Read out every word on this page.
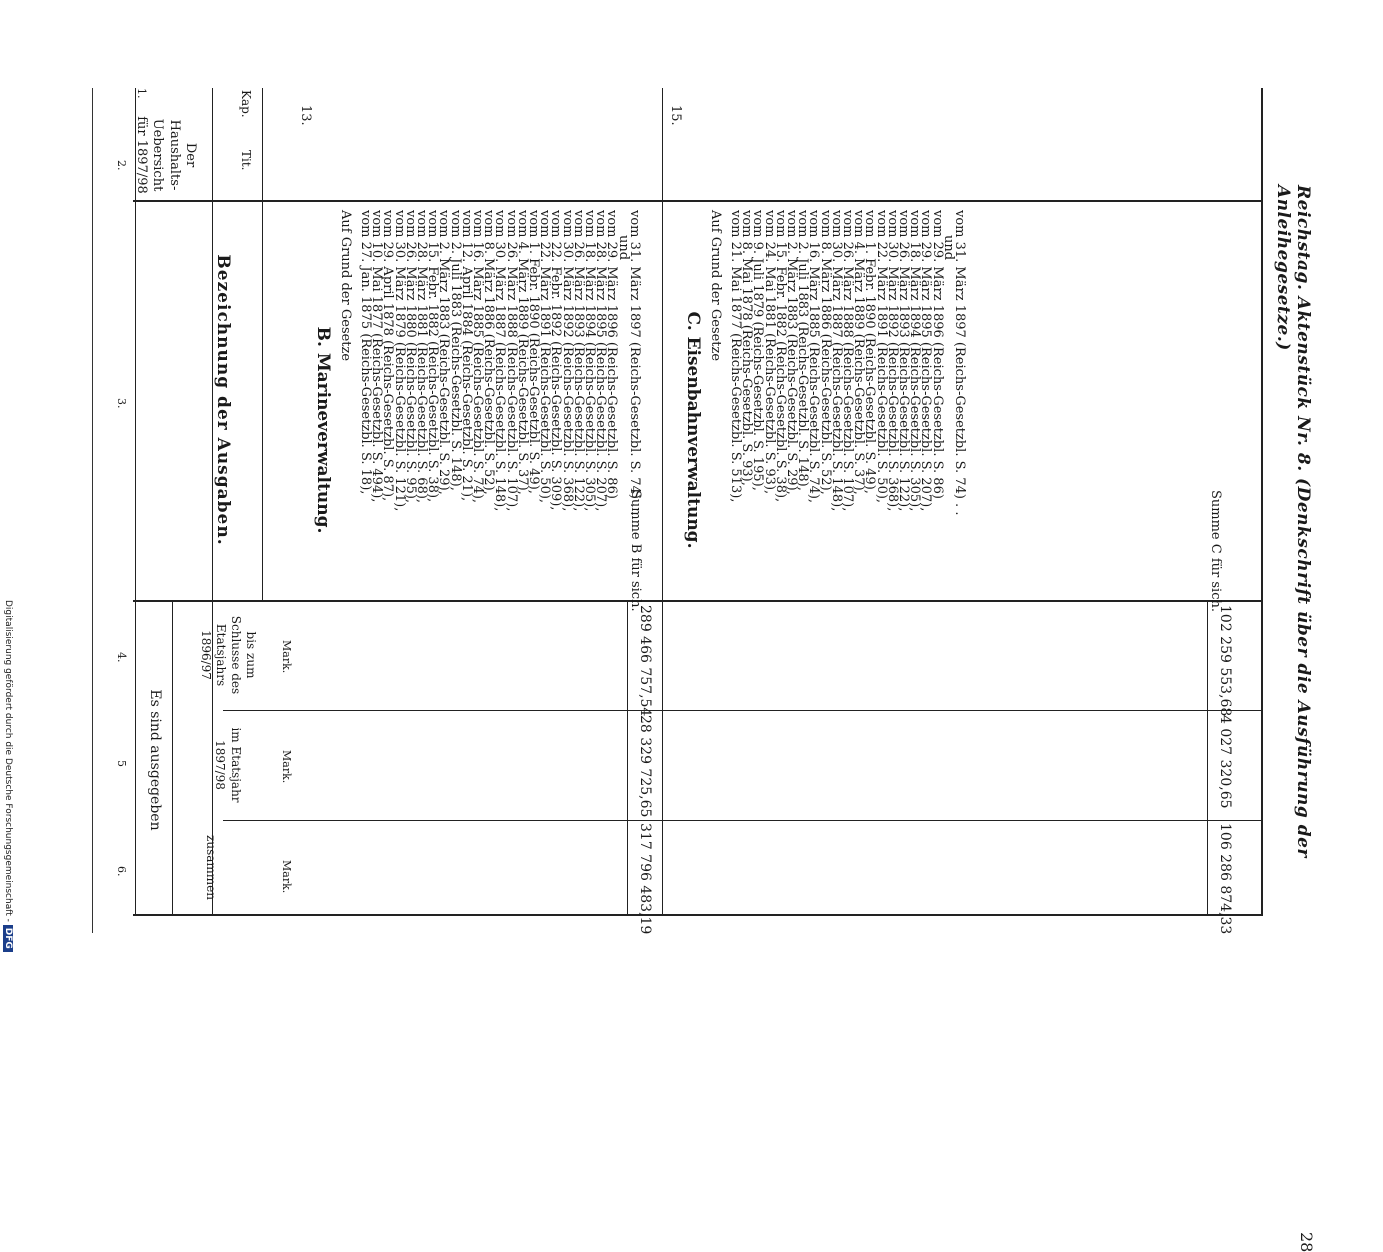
28
Reichstag. Aktenstück Nr. 8. (Denkschrift über die Ausführung der Anleihegesetze.)
1.
2.
3.
4.
5
6.
Der Haushalts-Uebersicht für 1897/98
Kap.
Tit.
Bezeichnung der Ausgaben.
Es sind ausgegeben
bis zum Schlusse des Etatsjahrs 1896/97
im Etatsjahr 1897/98
zusammen
Mark.
Mark.
Mark.
13.
B. Marineverwaltung.
Auf Grund der Gesetze vom 27. Jan. 1875 (Reichs-Gesetzbl. S. 18),
vom 10. Mai 1877 (Reichs-Gesetzbl. S. 494),
vom 29. April 1878 (Reichs-Gesetzbl. S. 87),
vom 30. März 1879 (Reichs-Gesetzbl. S. 121),
vom 26. März 1880 (Reichs-Gesetzbl. S. 95),
vom 28. März 1881 (Reichs-Gesetzbl. S. 68),
vom 15. Febr. 1882 (Reichs-Gesetzbl. S. 38),
vom 2. März 1883 (Reichs-Gesetzbl. S. 29),
vom 2. Juli 1883 (Reichs-Gesetzbl. S. 148),
vom 12. April 1884 (Reichs-Gesetzbl. S. 21),
vom 16. März 1885 (Reichs-Gesetzbl. S. 74),
vom 8. März 1886 (Reichs-Gesetzbl. S. 52),
vom 30. März 1887 (Reichs-Gesetzbl. S. 148),
vom 26. März 1888 (Reichs-Gesetzbl. S. 107),
vom 4. März 1889 (Reichs-Gesetzbl. S. 37),
vom 1. Febr. 1890 (Reichs-Gesetzbl. S. 49),
vom 22. März 1891 (Reichs-Gesetzbl. S. 50),
vom 22. Febr. 1892 (Reichs-Gesetzbl. S. 309),
vom 30. März 1892 (Reichs-Gesetzbl. S. 368),
vom 26. März 1893 (Reichs-Gesetzbl. S. 122),
vom 18. März 1894 (Reichs-Gesetzbl. S. 305),
vom 28. März 1895 (Reichs-Gesetzbl. S. 207),
vom 29. März 1896 (Reichs-Gesetzbl. S. 86)
und
vom 31. März 1897 (Reichs-Gesetzbl. S. 74) . .
Summe B für sich.
289 466 757,54
28 329 725,65
317 796 483,19
15.
C. Eisenbahnverwaltung.
Auf Grund der Gesetze vom 21. Mai 1877 (Reichs-Gesetzbl. S. 513),
vom 8. Mai 1878 (Reichs-Gesetzbl. S. 93),
vom 9. Juli 1879 (Reichs-Gesetzbl. S. 195),
vom 24. Mai 1881 (Reichs-Gesetzbl. S. 93),
vom 15. Febr. 1882 (Reichs-Gesetzbl. S. 38),
vom 2. März 1883 (Reichs-Gesetzbl. S. 29),
vom 2. Juli 1883 (Reichs-Gesetzbl. S. 148),
vom 16. März 1885 (Reichs-Gesetzbl. S. 74),
vom 8. März 1886 (Reichs-Gesetzbl. S. 52),
vom 30. März 1887 (Reichs-Gesetzbl. S. 148),
vom 26. März 1888 (Reichs-Gesetzbl. S. 107),
vom 4. März 1889 (Reichs-Gesetzbl. S. 37),
vom 1. Febr. 1890 (Reichs-Gesetzbl. S. 49),
vom 22. März 1891 (Reichs-Gesetzbl. S. 50),
vom 30. März 1892 (Reichs-Gesetzbl. S. 368),
vom 26. März 1893 (Reichs-Gesetzbl. S. 122),
vom 18. März 1894 (Reichs-Gesetzbl. S. 305),
vom 29. März 1895 (Reichs-Gesetzbl. S. 207),
vom 29. März 1896 (Reichs-Gesetzbl. S. 86)
und
vom 31. März 1897 (Reichs-Gesetzbl. S. 74) . .
Summe C für sich.
102 259 553,68
4 027 320,65
106 286 874,33
Digitalisierung gefördert durch die Deutsche Forschungsgemeinschaft - DFG
